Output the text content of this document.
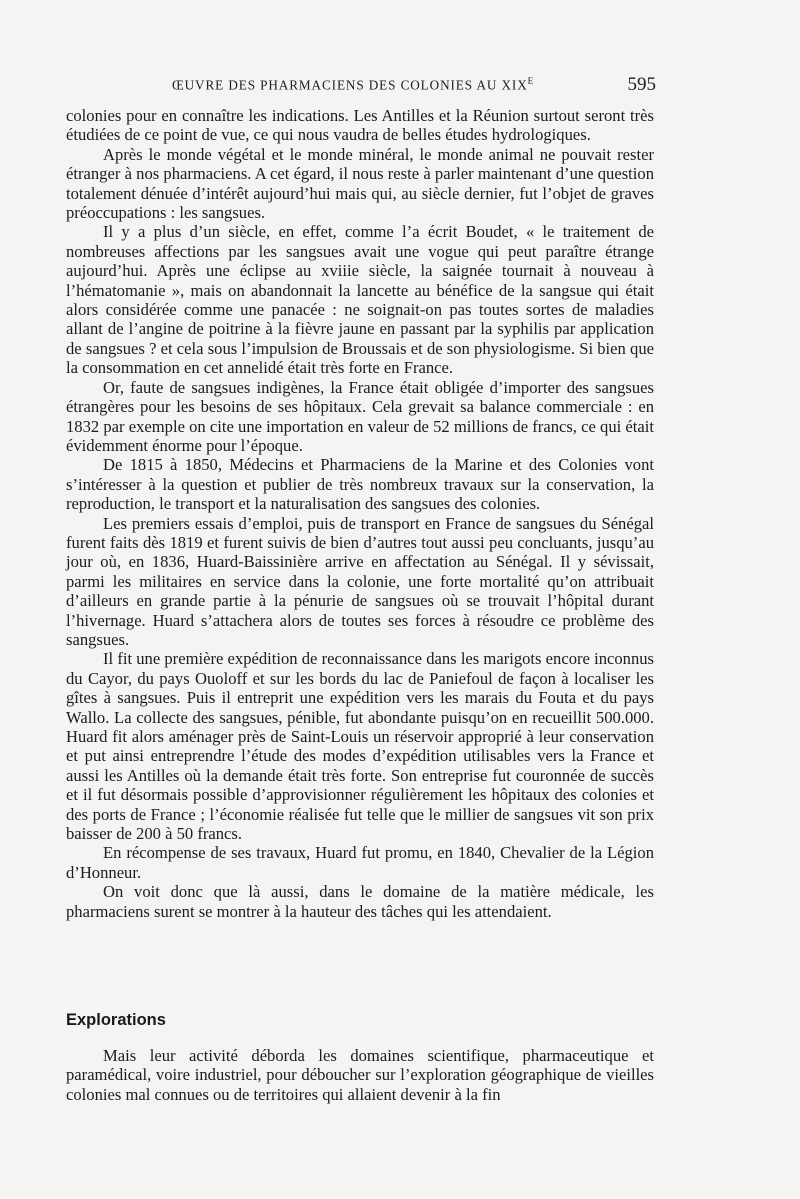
ŒUVRE DES PHARMACIENS DES COLONIES AU $XIX^E$	595

colonies pour en connaître les indications. Les Antilles et la Réunion surtout seront très étudiées de ce point de vue, ce qui nous vaudra de belles études hydrologiques.

Après le monde végétal et le monde minéral, le monde animal ne pouvait rester étranger à nos pharmaciens. A cet égard, il nous reste à parler maintenant d’une question totalement dénuée d’intérêt aujourd’hui mais qui, au siècle dernier, fut l’objet de graves préoccupations : les sangsues.

Il y a plus d’un siècle, en effet, comme l’a écrit Boudet, « le traitement de nombreuses affections par les sangsues avait une vogue qui peut paraître étrange aujourd’hui. Après une éclipse au xviiie siècle, la saignée tournait à nouveau à l’hématomanie », mais on abandonnait la lancette au bénéfice de la sangsue qui était alors considérée comme une panacée : ne soignait-on pas toutes sortes de maladies allant de l’angine de poitrine à la fièvre jaune en passant par la syphilis par application de sangsues ? et cela sous l’impulsion de Broussais et de son physiologisme. Si bien que la consommation en cet annelidé était très forte en France.

Or, faute de sangsues indigènes, la France était obligée d’importer des sangsues étrangères pour les besoins de ses hôpitaux. Cela grevait sa balance commerciale : en 1832 par exemple on cite une importation en valeur de 52 millions de francs, ce qui était évidemment énorme pour l’époque.

De 1815 à 1850, Médecins et Pharmaciens de la Marine et des Colonies vont s’intéresser à la question et publier de très nombreux travaux sur la conservation, la reproduction, le transport et la naturalisation des sangsues des colonies.

Les premiers essais d’emploi, puis de transport en France de sangsues du Sénégal furent faits dès 1819 et furent suivis de bien d’autres tout aussi peu concluants, jusqu’au jour où, en 1836, Huard-Baissinière arrive en affectation au Sénégal. Il y sévissait, parmi les militaires en service dans la colonie, une forte mortalité qu’on attribuait d’ailleurs en grande partie à la pénurie de sangsues où se trouvait l’hôpital durant l’hivernage. Huard s’attachera alors de toutes ses forces à résoudre ce problème des sangsues.

Il fit une première expédition de reconnaissance dans les marigots encore inconnus du Cayor, du pays Ouoloff et sur les bords du lac de Paniefoul de façon à localiser les gîtes à sangsues. Puis il entreprit une expédition vers les marais du Fouta et du pays Wallo. La collecte des sangsues, pénible, fut abondante puisqu’on en recueillit 500.000. Huard fit alors aménager près de Saint-Louis un réservoir approprié à leur conservation et put ainsi entreprendre l’étude des modes d’expédition utilisables vers la France et aussi les Antilles où la demande était très forte. Son entreprise fut couronnée de succès et il fut désormais possible d’approvisionner régulièrement les hôpitaux des colonies et des ports de France ; l’économie réalisée fut telle que le millier de sangsues vit son prix baisser de 200 à 50 francs.

En récompense de ses travaux, Huard fut promu, en 1840, Chevalier de la Légion d’Honneur.

On voit donc que là aussi, dans le domaine de la matière médicale, les pharmaciens surent se montrer à la hauteur des tâches qui les attendaient.

Explorations

Mais leur activité déborda les domaines scientifique, pharmaceutique et paramédical, voire industriel, pour déboucher sur l’exploration géographique de vieilles colonies mal connues ou de territoires qui allaient devenir à la fin
